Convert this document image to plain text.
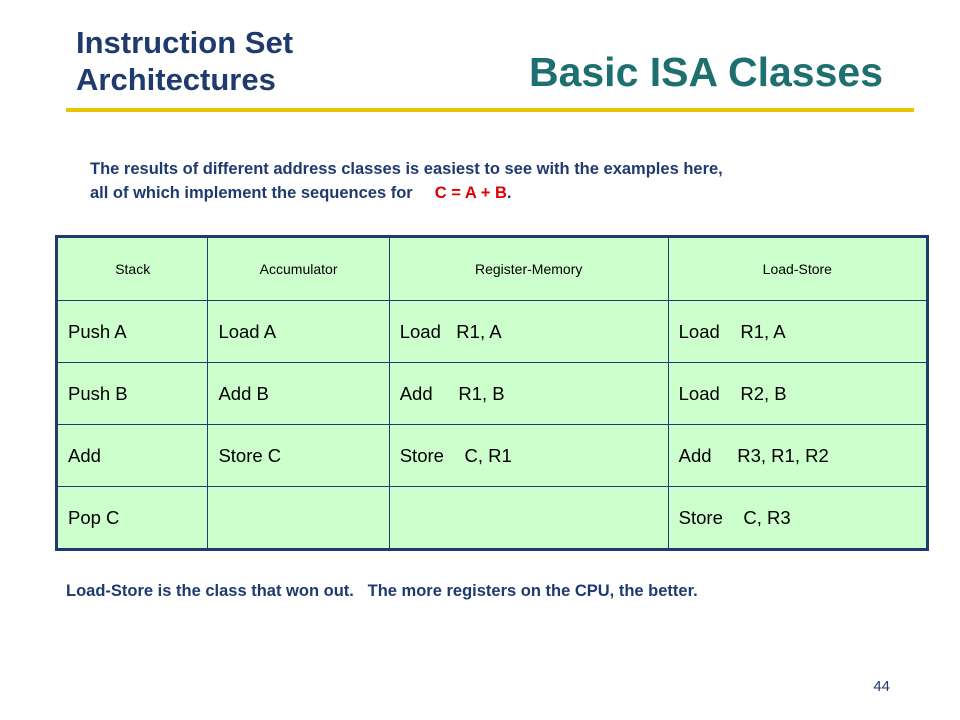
Instruction Set
Architectures	Basic ISA Classes

The results of different address classes is easiest to see with the examples here,
all of which implement the sequences for C = A + B.

Stack	Accumulator	Register-Memory	Load-Store
Push A	Load A	Load   R1, A	Load    R1, A
Push B	Add B	Add     R1, B	Load    R2, B
Add	Store C	Store    C, R1	Add     R3, R1, R2
Pop C			Store    C, R3

Load-Store is the class that won out.   The more registers on the CPU, the better.

44
